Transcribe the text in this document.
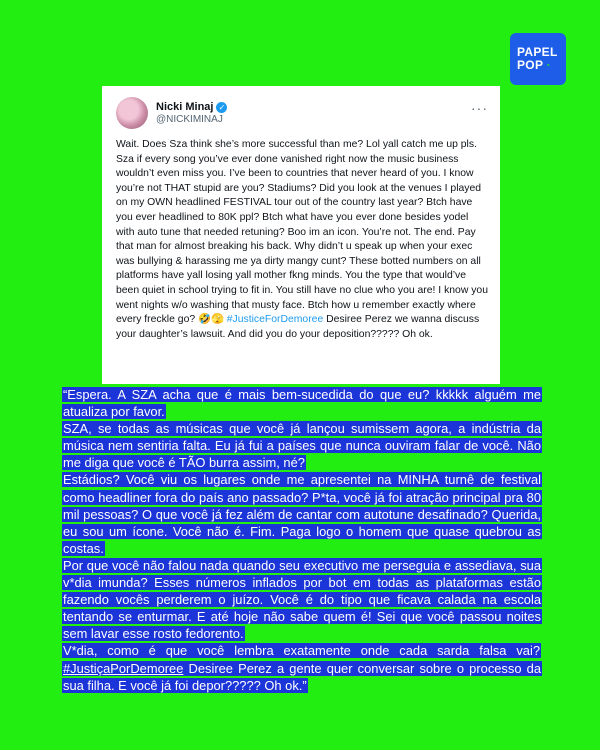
PAPEL
POP ◔
Nicki Minaj ✓
@NICKIMINAJ
···
Wait. Does Sza think she’s more successful than me? Lol yall catch me up pls. Sza if every song you’ve ever done vanished right now the music business wouldn’t even miss you. I’ve been to countries that never heard of you. I know you’re not THAT stupid are you? Stadiums? Did you look at the venues I played on my OWN headlined FESTIVAL tour out of the country last year? Btch have you ever headlined to 80K ppl? Btch what have you ever done besides yodel with auto tune that needed retuning? Boo im an icon. You’re not. The end. Pay that man for almost breaking his back. Why didn’t u speak up when your exec was bullying & harassing me ya dirty mangy cunt? These botted numbers on all platforms have yall losing yall mother fkng minds. You the type that would’ve been quiet in school trying to fit in. You still have no clue who you are! I know you went nights w/o washing that musty face. Btch how u remember exactly where every freckle go? 🤣🫣 #JusticeForDemoree Desiree Perez we wanna discuss your daughter’s lawsuit. And did you do your deposition????? Oh ok.

“Espera. A SZA acha que é mais bem-sucedida do que eu? kkkkk alguém me atualiza por favor.

SZA, se todas as músicas que você já lançou sumissem agora, a indústria da música nem sentiria falta. Eu já fui a países que nunca ouviram falar de você. Não me diga que você é TÃO burra assim, né?

Estádios? Você viu os lugares onde me apresentei na MINHA turnê de festival como headliner fora do país ano passado? P*ta, você já foi atração principal pra 80 mil pessoas? O que você já fez além de cantar com autotune desafinado? Querida, eu sou um ícone. Você não é. Fim. Paga logo o homem que quase quebrou as costas.

Por que você não falou nada quando seu executivo me perseguia e assediava, sua v*dia imunda? Esses números inflados por bot em todas as plataformas estão fazendo vocês perderem o juízo. Você é do tipo que ficava calada na escola tentando se enturmar. E até hoje não sabe quem é! Sei que você passou noites sem lavar esse rosto fedorento.

V*dia, como é que você lembra exatamente onde cada sarda falsa vai? #JustiçaPorDemoree Desiree Perez a gente quer conversar sobre o processo da sua filha. E você já foi depor????? Oh ok.”
